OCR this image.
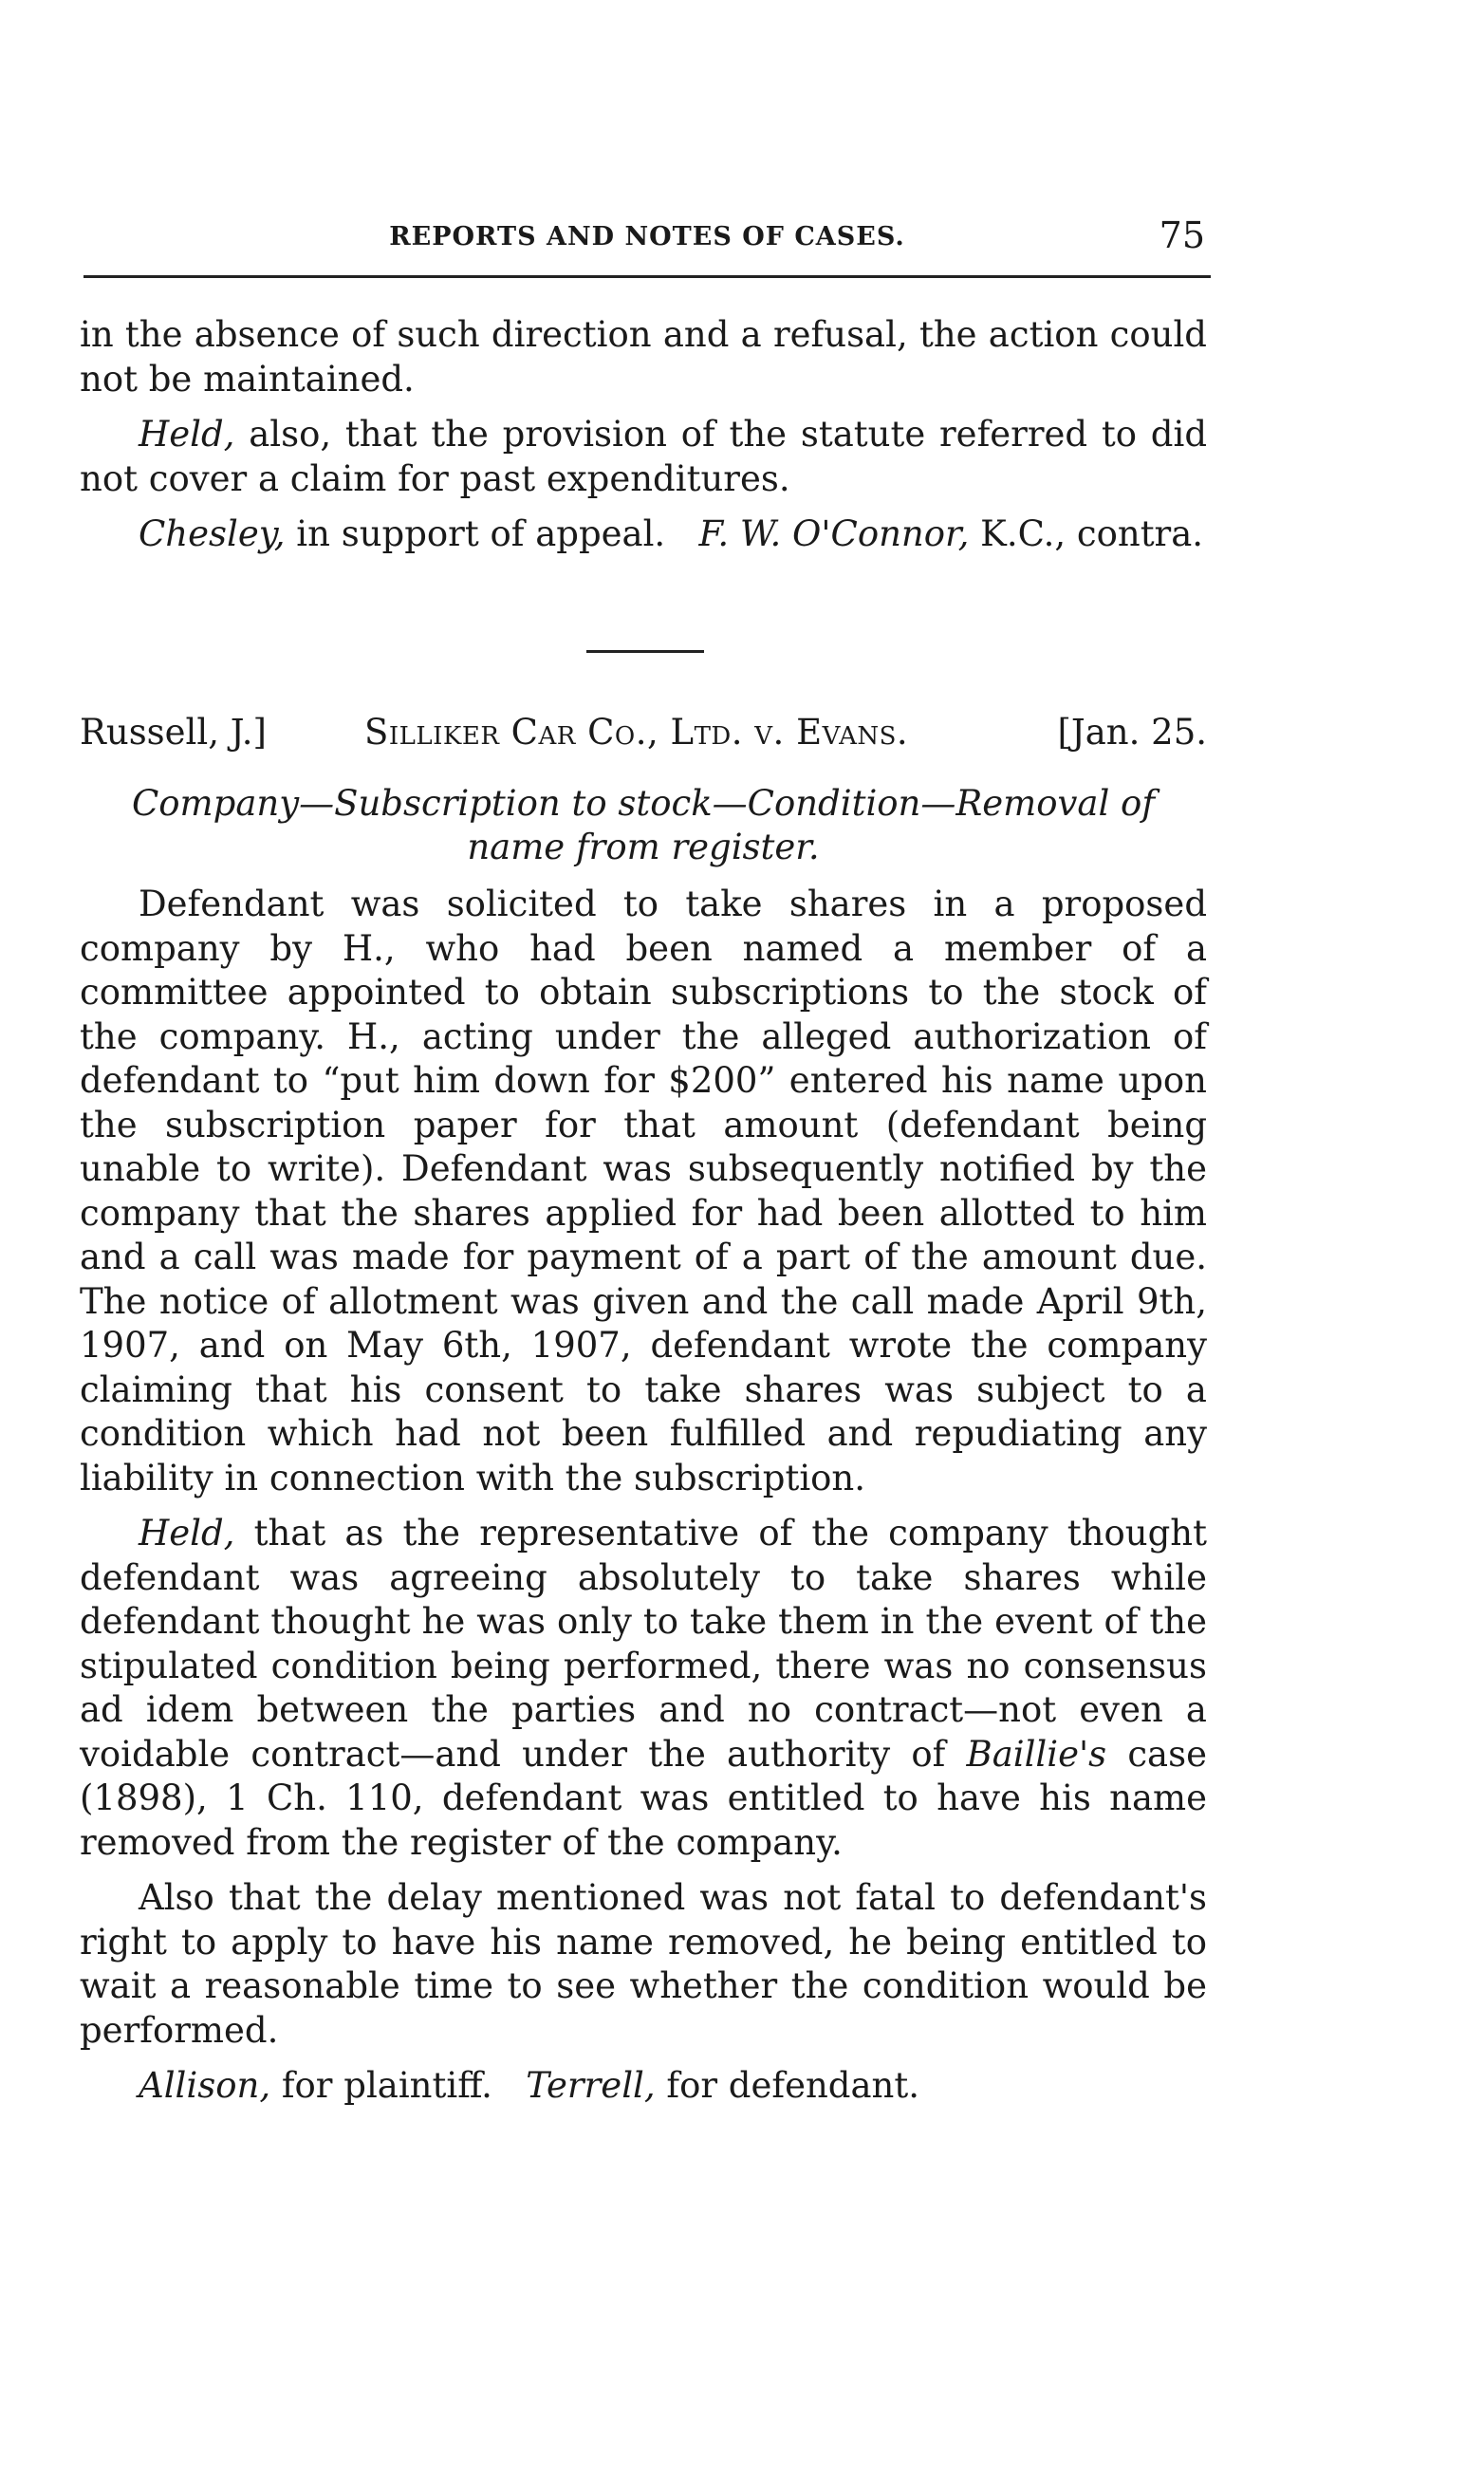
REPORTS AND NOTES OF CASES.	75

in the absence of such direction and a refusal, the action could not be maintained.

Held, also, that the provision of the statute referred to did not cover a claim for past expenditures.

Chesley, in support of appeal.   F. W. O'Connor, K.C., contra.

Russell, J.]	Silliker Car Co., Ltd. v. Evans.	[Jan. 25.
Company—Subscription to stock—Condition—Removal of name from register.

Defendant was solicited to take shares in a proposed company by H., who had been named a member of a committee appointed to obtain subscriptions to the stock of the company. H., acting under the alleged authorization of defendant to “put him down for $200” entered his name upon the subscription paper for that amount (defendant being unable to write). Defendant was subsequently notified by the company that the shares applied for had been allotted to him and a call was made for payment of a part of the amount due. The notice of allotment was given and the call made April 9th, 1907, and on May 6th, 1907, defendant wrote the company claiming that his consent to take shares was subject to a condition which had not been fulfilled and repudiating any liability in connection with the subscription.

Held, that as the representative of the company thought defendant was agreeing absolutely to take shares while defendant thought he was only to take them in the event of the stipulated condition being performed, there was no consensus ad idem between the parties and no contract—not even a voidable contract—and under the authority of Baillie's case (1898), 1 Ch. 110, defendant was entitled to have his name removed from the register of the company.

Also that the delay mentioned was not fatal to defendant's right to apply to have his name removed, he being entitled to wait a reasonable time to see whether the condition would be performed.

Allison, for plaintiff.   Terrell, for defendant.
